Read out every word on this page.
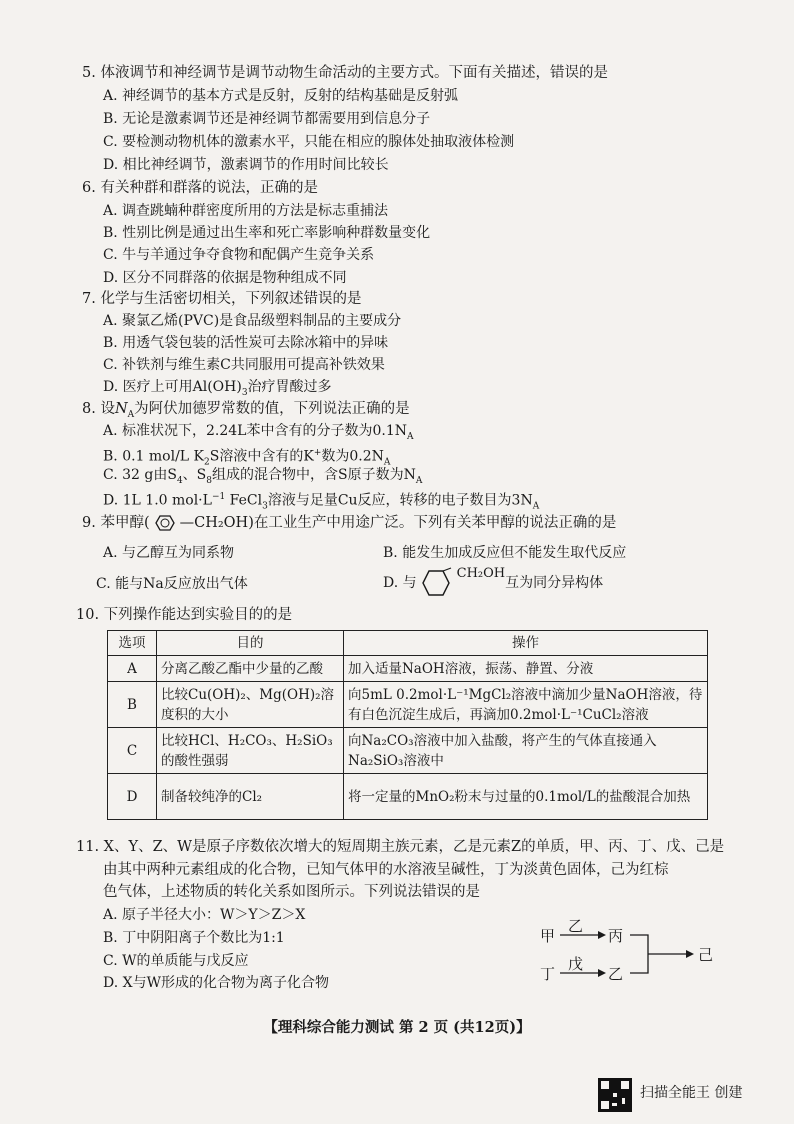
5. 体液调节和神经调节是调节动物生命活动的主要方式。下面有关描述，错误的是
A. 神经调节的基本方式是反射，反射的结构基础是反射弧
B. 无论是激素调节还是神经调节都需要用到信息分子
C. 要检测动物机体的激素水平，只能在相应的腺体处抽取液体检测
D. 相比神经调节，激素调节的作用时间比较长
6. 有关种群和群落的说法，正确的是
A. 调查跳蝻种群密度所用的方法是标志重捕法
B. 性别比例是通过出生率和死亡率影响种群数量变化
C. 牛与羊通过争夺食物和配偶产生竞争关系
D. 区分不同群落的依据是物种组成不同
7. 化学与生活密切相关，下列叙述错误的是
A. 聚氯乙烯(PVC)是食品级塑料制品的主要成分
B. 用透气袋包装的活性炭可去除冰箱中的异味
C. 补铁剂与维生素C共同服用可提高补铁效果
D. 医疗上可用$Al(OH)_3$治疗胃酸过多
8. 设$N_A$为阿伏加德罗常数的值，下列说法正确的是
A. 标准状况下，2.24L苯中含有的分子数为$0.1N_A$
B. 0.1 mol/L $K_2S$溶液中含有的K+数为$0.2N_A$
C. 32 g由$S_4$、$S_8$组成的混合物中，含S原子数为$N_A$
D. 1L 1.0 $mol\cdot L^{-1}$ FeCl$_3$溶液与足量Cu反应，转移的电子数目为$3N_A$
9. 苯甲醇( —CH₂OH)在工业生产中用途广泛。下列有关苯甲醇的说法正确的是
A. 与乙醇互为同系物	B. 能发生加成反应但不能发生取代反应
C. 能与Na反应放出气体	D. 与CH₂OH互为同分异构体
10. 下列操作能达到实验目的的是
选项	目的	操作
A	分离乙酸乙酯中少量的乙酸	加入适量NaOH溶液，振荡、静置、分液
B	比较Cu(OH)₂、Mg(OH)₂溶度积的大小	向5mL 0.2mol·L⁻¹MgCl₂溶液中滴加少量NaOH溶液，待有白色沉淀生成后，再滴加0.2mol·L⁻¹CuCl₂溶液
C	比较HCl、H₂CO₃、H₂SiO₃的酸性强弱	向Na₂CO₃溶液中加入盐酸，将产生的气体直接通入Na₂SiO₃溶液中
D	制备较纯净的Cl₂	将一定量的MnO₂粉末与过量的0.1mol/L的盐酸混合加热
11. X、Y、Z、W是原子序数依次增大的短周期主族元素，乙是元素Z的单质，甲、丙、丁、戊、己是
由其中两种元素组成的化合物，已知气体甲的水溶液呈碱性，丁为淡黄色固体，己为红棕
色气体，上述物质的转化关系如图所示。下列说法错误的是
A. 原子半径大小：W＞Y＞Z＞X
B. 丁中阴阳离子个数比为1:1
C. W的单质能与戊反应
D. X与W形成的化合物为离子化合物
甲
乙
丙
丁
戊
乙
己
【理科综合能力测试 第 2 页 (共12页)】
扫描全能王 创建
